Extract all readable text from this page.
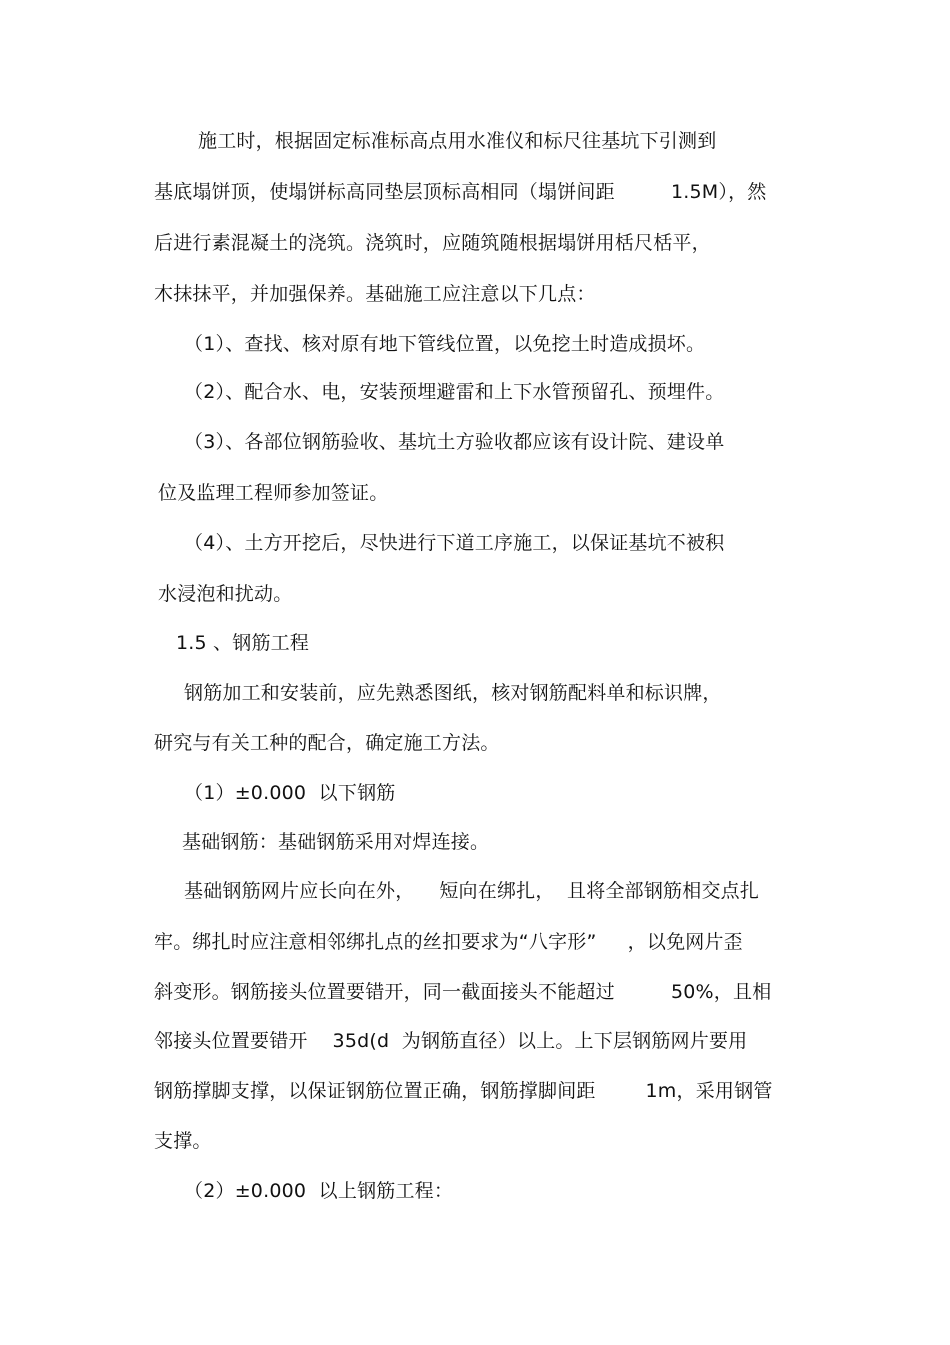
施工时，根据固定标准标高点用水准仪和标尺往基坑下引测到
基底塌饼顶，使塌饼标高同垫层顶标高相同（塌饼间距         1.5M），然
后进行素混凝土的浇筑。浇筑时，应随筑随根据塌饼用栝尺栝平，
木抹抹平，并加强保养。基础施工应注意以下几点：
（1）、查找、核对原有地下管线位置，以免挖土时造成损坏。
（2）、配合水、电，安装预埋避雷和上下水管预留孔、预埋件。
（3）、各部位钢筋验收、基坑土方验收都应该有设计院、建设单
位及监理工程师参加签证。
（4）、土方开挖后，尽快进行下道工序施工，以保证基坑不被积
水浸泡和扰动。
1.5 、钢筋工程
钢筋加工和安装前，应先熟悉图纸，核对钢筋配料单和标识牌，
研究与有关工种的配合，确定施工方法。
（1）±0.000  以下钢筋
基础钢筋：基础钢筋采用对焊连接。
基础钢筋网片应长向在外，    短向在绑扎，  且将全部钢筋相交点扎
牢。绑扎时应注意相邻绑扎点的丝扣要求为“八字形”     ，以免网片歪
斜变形。钢筋接头位置要错开，同一截面接头不能超过         50%，且相
邻接头位置要错开    35d(d  为钢筋直径）以上。上下层钢筋网片要用
钢筋撑脚支撑，以保证钢筋位置正确，钢筋撑脚间距        1m，采用钢管
支撑。
（2）±0.000  以上钢筋工程：
